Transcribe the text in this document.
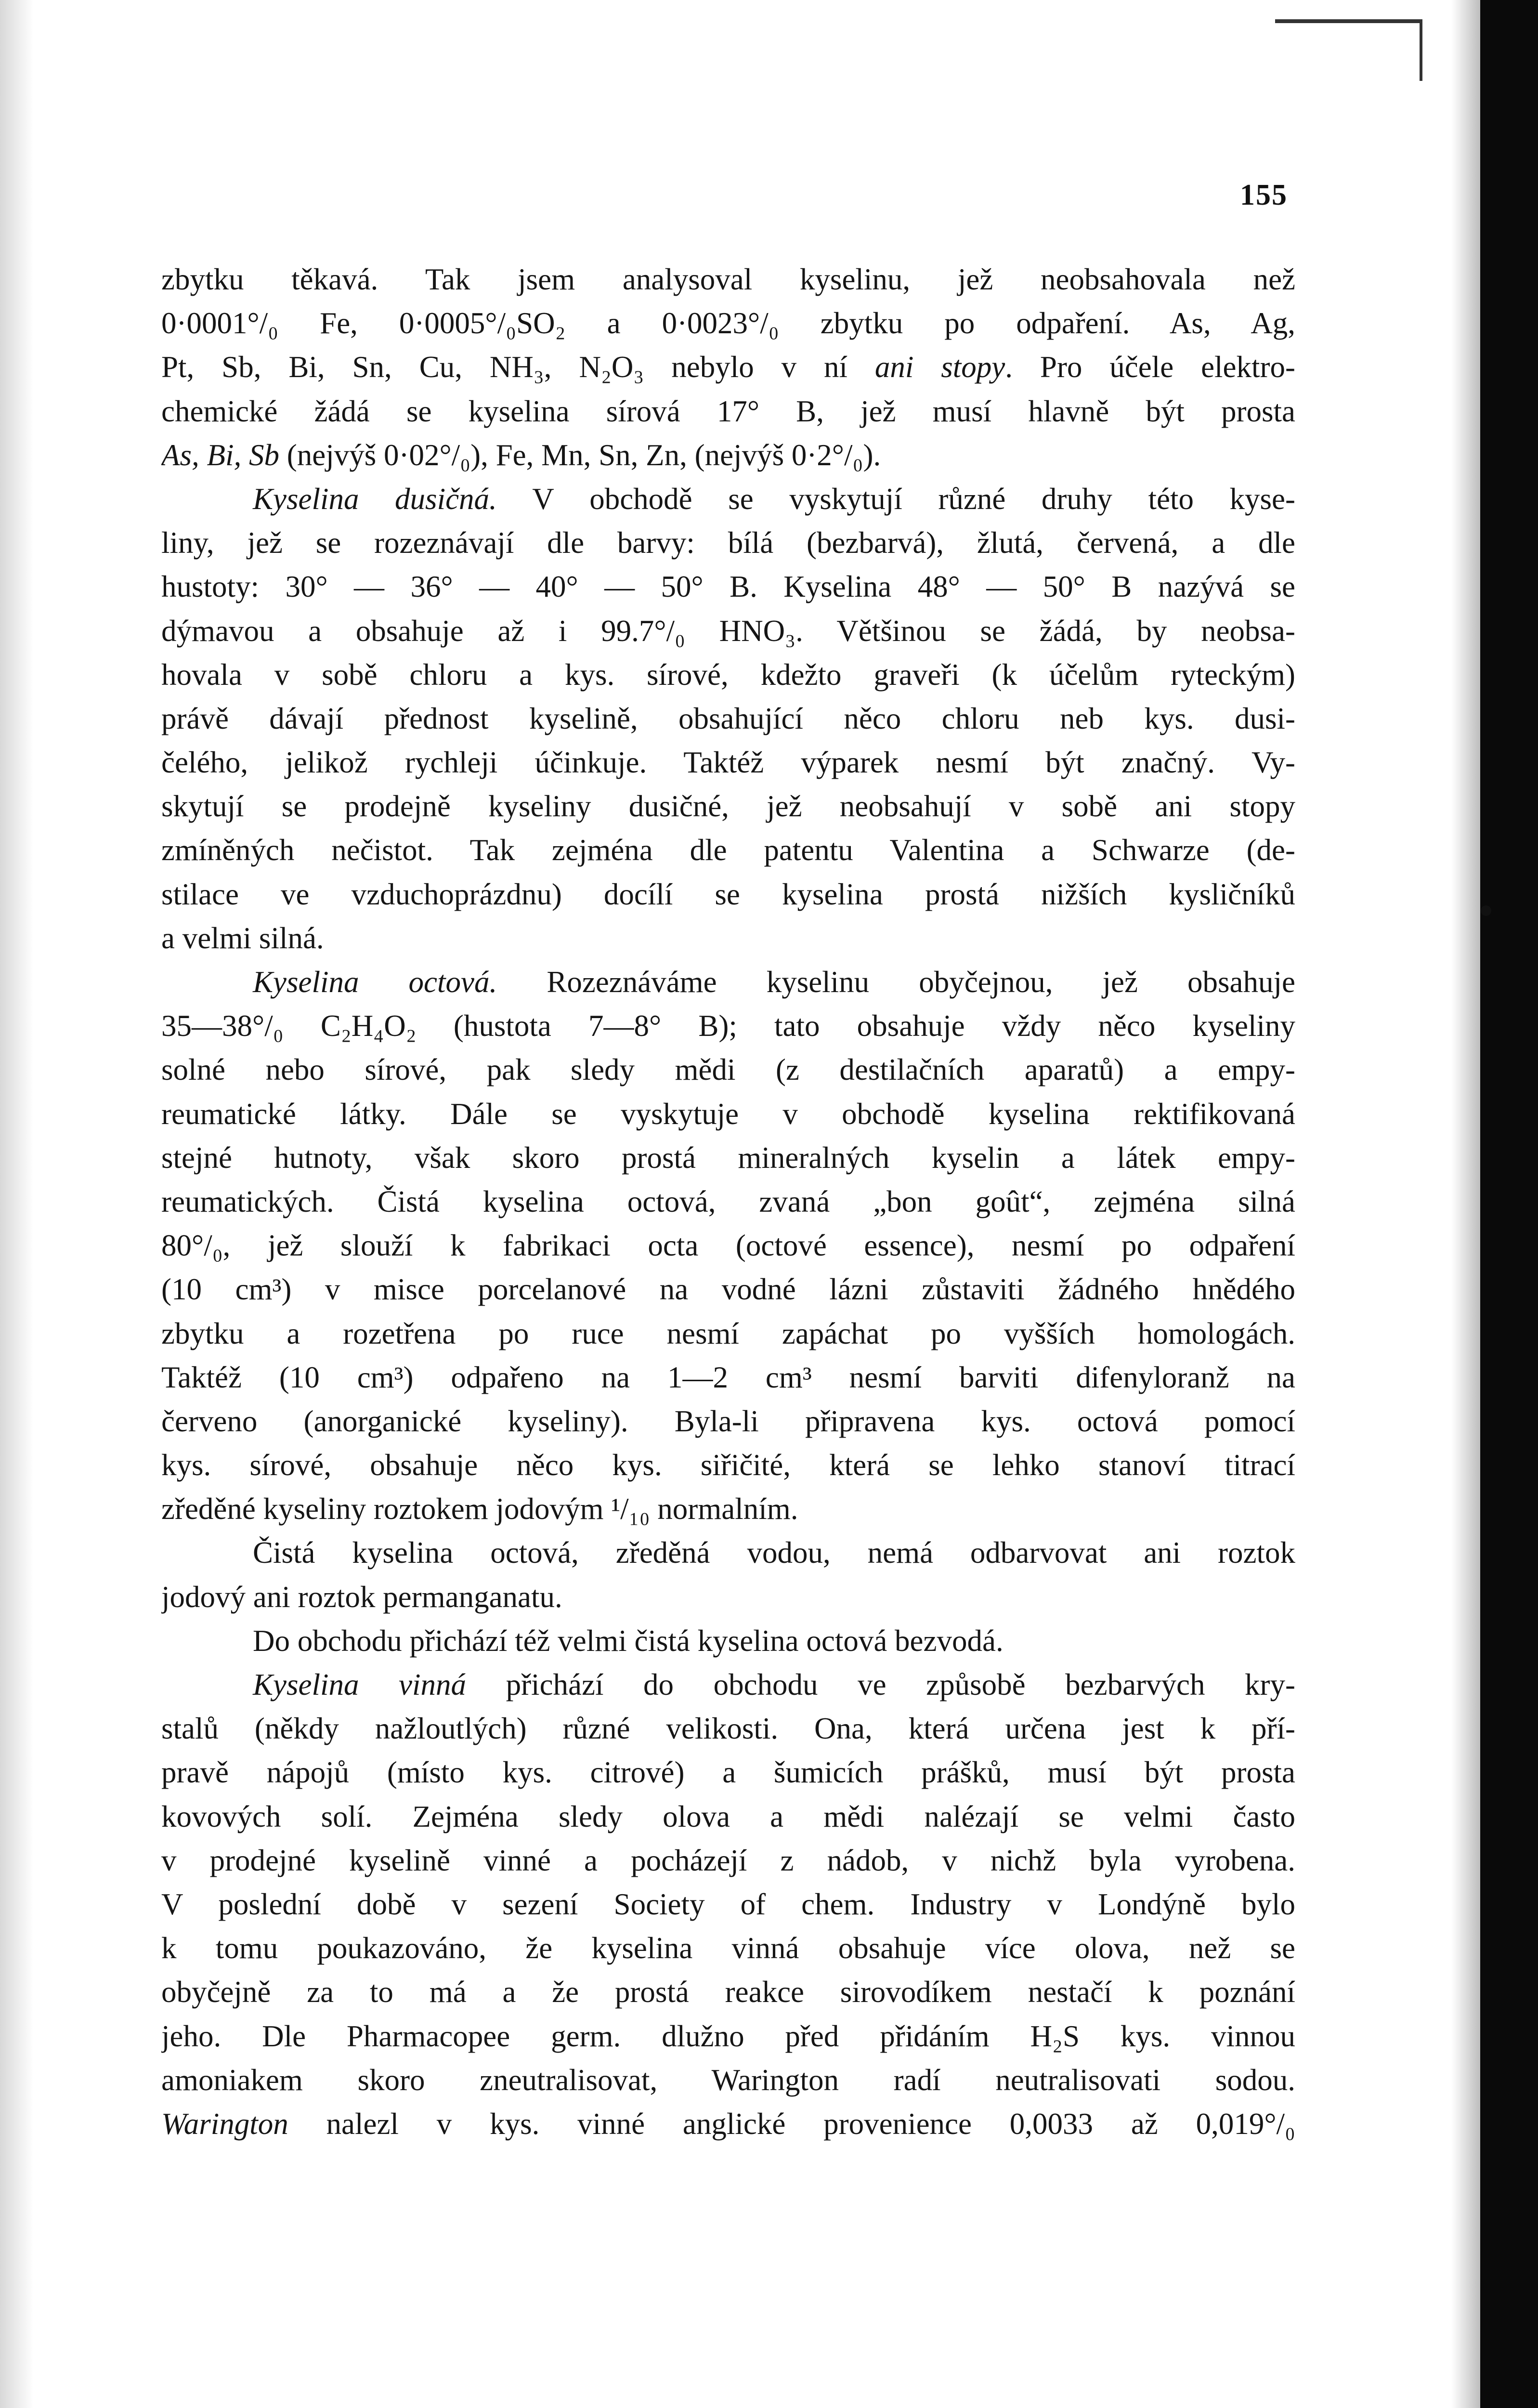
155
zbytku těkavá. Tak jsem analysoval kyselinu, jež neobsahovala než
0·0001°/₀ Fe, 0·0005°/₀SO₂ a 0·0023°/₀ zbytku po odpaření. As, Ag,
Pt, Sb, Bi, Sn, Cu, NH₃, N₂O₃ nebylo v ní ani stopy. Pro účele elektro-
chemické žádá se kyselina sírová 17° B, jež musí hlavně být prosta
As, Bi, Sb (nejvýš 0·02°/₀), Fe, Mn, Sn, Zn, (nejvýš 0·2°/₀).
Kyselina dusičná. V obchodě se vyskytují různé druhy této kyse-
liny, jež se rozeznávají dle barvy: bílá (bezbarvá), žlutá, červená, a dle
hustoty: 30° — 36° — 40° — 50° B. Kyselina 48° — 50° B nazývá se
dýmavou a obsahuje až i 99.7°/₀ HNO₃. Většinou se žádá, by neobsa-
hovala v sobě chloru a kys. sírové, kdežto graveři (k účelům ryteckým)
právě dávají přednost kyselině, obsahující něco chloru neb kys. dusi-
čelého, jelikož rychleji účinkuje. Taktéž výparek nesmí být značný. Vy-
skytují se prodejně kyseliny dusičné, jež neobsahují v sobě ani stopy
zmíněných nečistot. Tak zejména dle patentu Valentina a Schwarze (de-
stilace ve vzduchoprázdnu) docílí se kyselina prostá nižších kysličníků
a velmi silná.
Kyselina octová. Rozeznáváme kyselinu obyčejnou, jež obsahuje
35—38°/₀ C₂H₄O₂ (hustota 7—8° B); tato obsahuje vždy něco kyseliny
solné nebo sírové, pak sledy mědi (z destilačních aparatů) a empy-
reumatické látky. Dále se vyskytuje v obchodě kyselina rektifikovaná
stejné hutnoty, však skoro prostá mineralných kyselin a látek empy-
reumatických. Čistá kyselina octová, zvaná „bon goût“, zejména silná
80°/₀, jež slouží k fabrikaci octa (octové essence), nesmí po odpaření
(10 cm³) v misce porcelanové na vodné lázni zůstaviti žádného hnědého
zbytku a rozetřena po ruce nesmí zapáchat po vyšších homologách.
Taktéž (10 cm³) odpařeno na 1—2 cm³ nesmí barviti difenyloranž na
červeno (anorganické kyseliny). Byla-li připravena kys. octová pomocí
kys. sírové, obsahuje něco kys. siřičité, která se lehko stanoví titrací
zředěné kyseliny roztokem jodovým ¹/₁₀ normalním.
Čistá kyselina octová, zředěná vodou, nemá odbarvovat ani roztok
jodový ani roztok permanganatu.
Do obchodu přichází též velmi čistá kyselina octová bezvodá.
Kyselina vinná přichází do obchodu ve způsobě bezbarvých kry-
stalů (někdy nažloutlých) různé velikosti. Ona, která určena jest k pří-
pravě nápojů (místo kys. citrové) a šumicích prášků, musí být prosta
kovových solí. Zejména sledy olova a mědi nalézají se velmi často
v prodejné kyselině vinné a pocházejí z nádob, v nichž byla vyrobena.
V poslední době v sezení Society of chem. Industry v Londýně bylo
k tomu poukazováno, že kyselina vinná obsahuje více olova, než se
obyčejně za to má a že prostá reakce sirovodíkem nestačí k poznání
jeho. Dle Pharmacopee germ. dlužno před přidáním H₂S kys. vinnou
amoniakem skoro zneutralisovat, Warington radí neutralisovati sodou.
Warington nalezl v kys. vinné anglické provenience 0,0033 až 0,019°/₀
